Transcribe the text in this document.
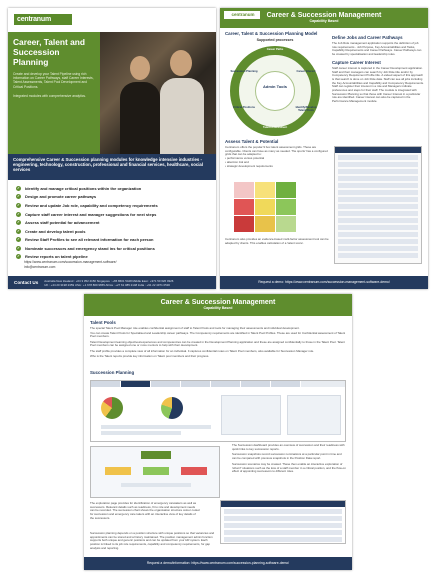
centranum
Career, Talent and Succession Planning
Create and develop your Talent Pipeline using rich information on Career Pathways, staff Career Interests, Talent Assessments, Talent Pool Development and Critical Positions.
Integrated modules with comprehensive analytics.
Comprehensive Career & Succession planning modules for knowledge intensive industries - engineering, technology, construction, professional and financial services, healthcare, social services
✓ Identify and manage critical positions within the organization
✓ Design and promote career pathways
✓ Review and update Job role, capability and competency requirements
✓ Capture staff career interest and manager suggestions for next steps
✓ Assess staff potential for advancement
✓ Create and develop talent pools
✓ Review Staff Profiles to see all relevant information for each person
✓ Nominate successors and emergency stand ins for critical positions
✓ Review reports on talent pipeline
https://www.centranum.com/succession-management-software/
info@centranum.com
Contact Us	Australia New Zealand : +64 3 352 4150 Singapore : +65 8601 5428 Middle East : +971 50 626 0326
UK : +44 20 3198 2359 USA : +1 678 869 9655 Africa : +27 61 085 2148 India : +91 22 4971 0530
centranum	Career & Succession Management
Capability Based
Career, Talent & Succession Planning Model
Supported processes
Career Paths
Career Interest
Identify/Develop Talent Pools
Talent Assessment
Critical Positions
Succession Planning
Admin Tools
Define Jobs and Career Pathways
The Job Role management application supports the definition of job role requirements - Job Purpose, Key Accountabilities and Tasks, Capability Requirements and Career Pathways. Career Pathways can be created by specialisation and leadership roles.
Capture Career Interest
Staff career interest is captured in the Career Development application. Staff and their managers can search by Job Role title and/or by Competency Requirement Profile title. A valued aspect of this approach is that search is done on Job Role data. Staff can see all jobs including the Key Accountabilities and Capability and Competency Requirements. Staff can register their interest in a role and Managers indicate preferences and steps for their staff. The module is integrated with Succession Planning so that those with Career Interest in a particular role are identified. Career interest can also be captured in the Performance Management module.
Assess Talent & Potential
Centranum offers the popular 9 box talent assessment grids. These are configurable. Clients can have as many as needed. The sports' has a configured grids that can be adapted to:
• performance versus potential
• attention risk and
• strategic development requirements
Centranum also provides an evidence-based multi-factor assessment tool can be adapted by clients. This enables calculation of a 'talent score'.
Request a demo: https://www.centranum.com/succession-management-software-demo/
Career & Succession Management
Capability Based
Talent Pools
The special Talent Pool Manager role enables confidential assignment of staff to Talent Pools and tools for managing their assessments and individual development.
You can create Talent Pools for Specialised and Leadership career pathways. The Competency requirements are identified in Talent Pool Profiles. These are used for Confidential assessment of Talent Pool members.
Talent Development learning objectives/experiences and competencies can be created in the Development Planning application and these are assigned confidentially to those in the Talent Pool. Talent Pool members can be assigned one or more mentors to help with their development.
The staff profile provides a complete view of all information for an individual. It captures confidential notes on Talent Pool members, also available for Succession Manager role.
Who is the Talent reports provide key information on Talent pool members and their progress.
Succession Planning
The Succession dashboard provides an overview of succession and their readiness with quick links to key succession reports.
Succession snapshots record succession nominations at a particular point in time and can be compared with previous snapshots in the Position Data report.
Succession scenarios may be created. These then enable an interactive exploration of 'what if' situations such as the loss of a staff member in a critical position, and the flow-on effect of appointing successors to different roles.
The exploration page provides for identification of emergency caretakers as well as successors. Relevant details such as readiness, fit to role and development needs can be recorded. The succession chart shows the organisation structure colour coded for succession and emergency care takers with an interactive view of key details of the successors.
Succession planning depends on a position structure with unique positions so that vacancies and appointments can be stored and a history maintained. The position management admin function supports both unique and generic positions and can be updated from your HR system. Each position is linked to its job role requirements, capability and competency requirements, for gap analysis and reporting.
Request a demo/information: https://www.centranum.com/succession-planning-software-demo/
